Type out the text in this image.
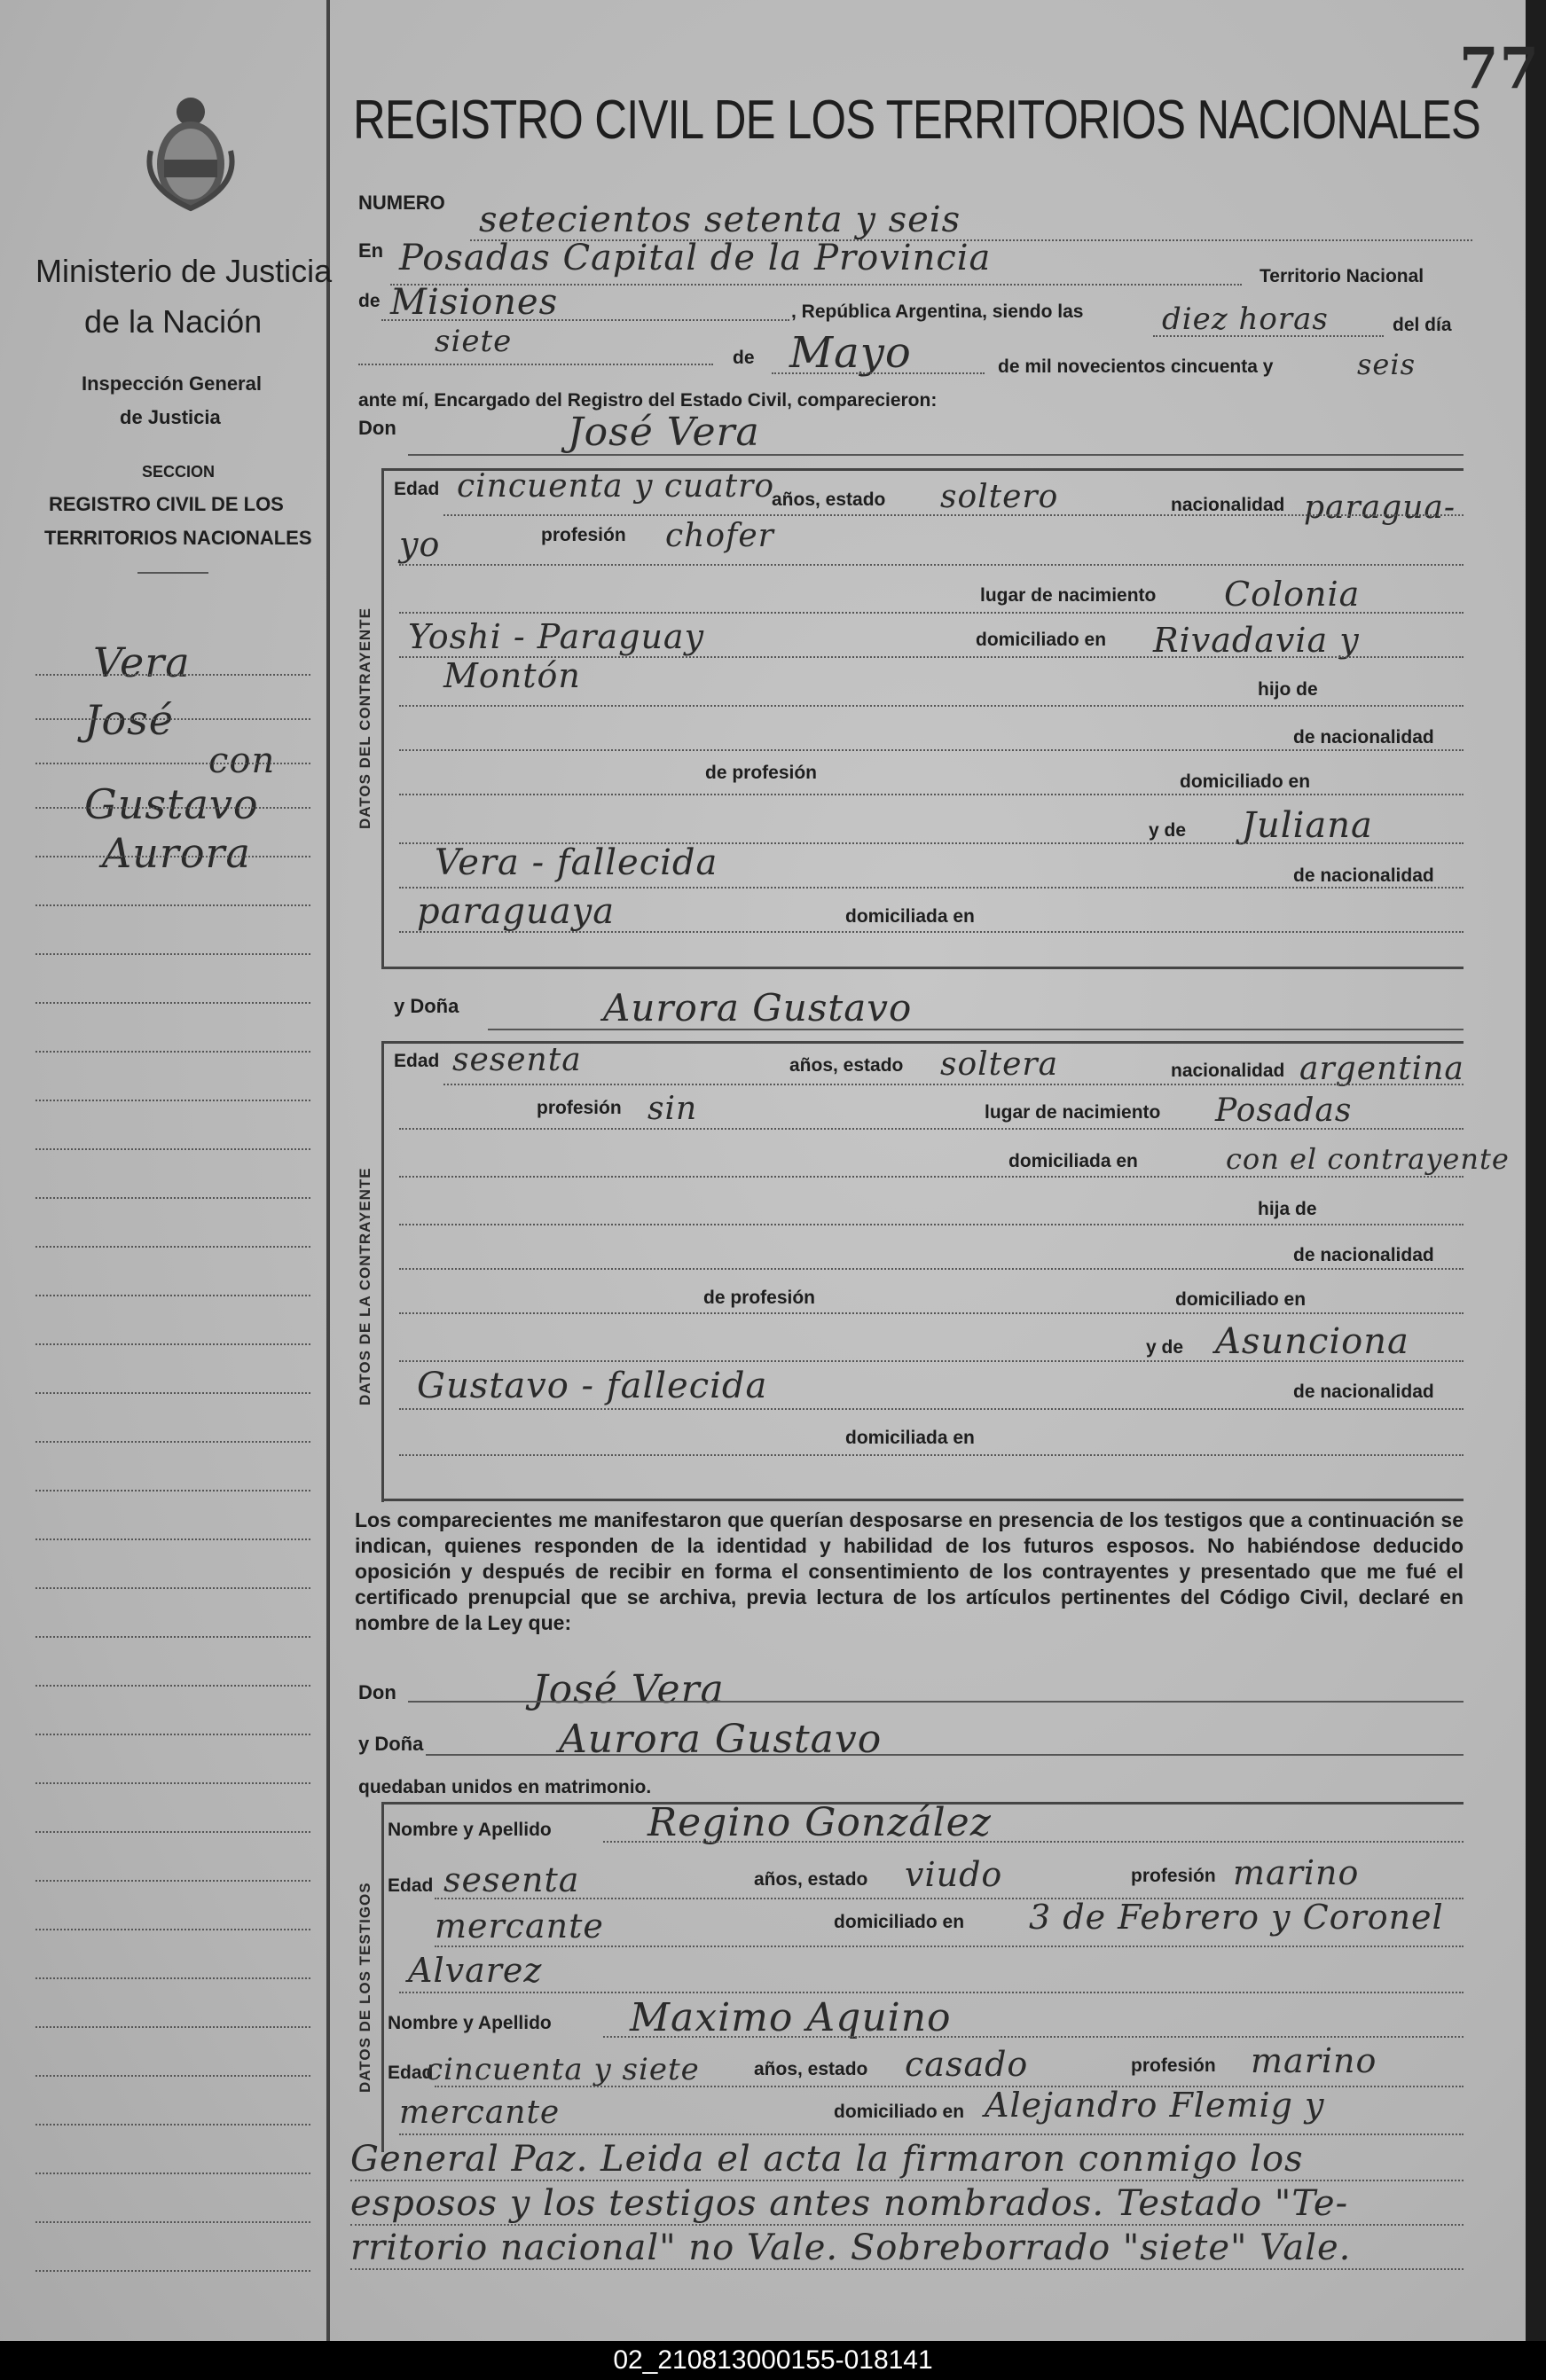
77
Ministerio de Justicia
de la Nación
Inspección General
de Justicia
SECCION
REGISTRO CIVIL DE LOS
TERRITORIOS NACIONALES
Vera
José
con
Gustavo
Aurora
REGISTRO CIVIL DE LOS TERRITORIOS NACIONALES
NUMERO setecientos setenta y seis
En Posadas Capital de la Provincia	Territorio Nacional
de Misiones	, República Argentina, siendo las	diez horas	del día
siete	de Mayo	de mil novecientos cincuenta y	seis
ante mí, Encargado del Registro del Estado Civil, comparecieron:
Don	José Vera
DATOS DEL CONTRAYENTE
Edad cincuenta y cuatro
años, estado soltero	nacionalidad paragua-
yo	profesión chofer
lugar de nacimiento Colonia
Yoshi - Paraguay	domiciliado en Rivadavia y
Montón	hijo de
de nacionalidad
de profesión	domiciliado en
y de Juliana
Vera - fallecida	de nacionalidad
paraguaya	domiciliada en
y Doña	Aurora Gustavo
DATOS DE LA CONTRAYENTE
Edad sesenta	años, estado soltera	nacionalidad argentina
profesión sin	lugar de nacimiento Posadas
domiciliada en	con el contrayente
hija de
de nacionalidad
de profesión	domiciliado en
y de Asunciona
Gustavo - fallecida	de nacionalidad
domiciliada en
Los comparecientes me manifestaron que querían desposarse en presencia de los testigos que a continuación se indican, quienes responden de la identidad y habilidad de los futuros esposos. No habiéndose deducido oposición y después de recibir en forma el consentimiento de los contrayentes y presentado que me fué el certificado prenupcial que se archiva, previa lectura de los artículos pertinentes del Código Civil, declaré en nombre de la Ley que:
Don	José Vera
y Doña	Aurora Gustavo
quedaban unidos en matrimonio.
DATOS DE LOS TESTIGOS
Nombre y Apellido Regino González
Edad sesenta	años, estado viudo	profesión marino
mercante	domiciliado en 3 de Febrero y Coronel
Alvarez
Nombre y Apellido Maximo Aquino
Edad
cincuenta y siete	años, estado casado	profesión marino
mercante	domiciliado en Alejandro Flemig y
General Paz. Leida el acta la firmaron conmigo los
esposos y los testigos antes nombrados. Testado "Te-
rritorio nacional" no Vale. Sobreborrado "siete" Vale.
02_210813000155-018141
